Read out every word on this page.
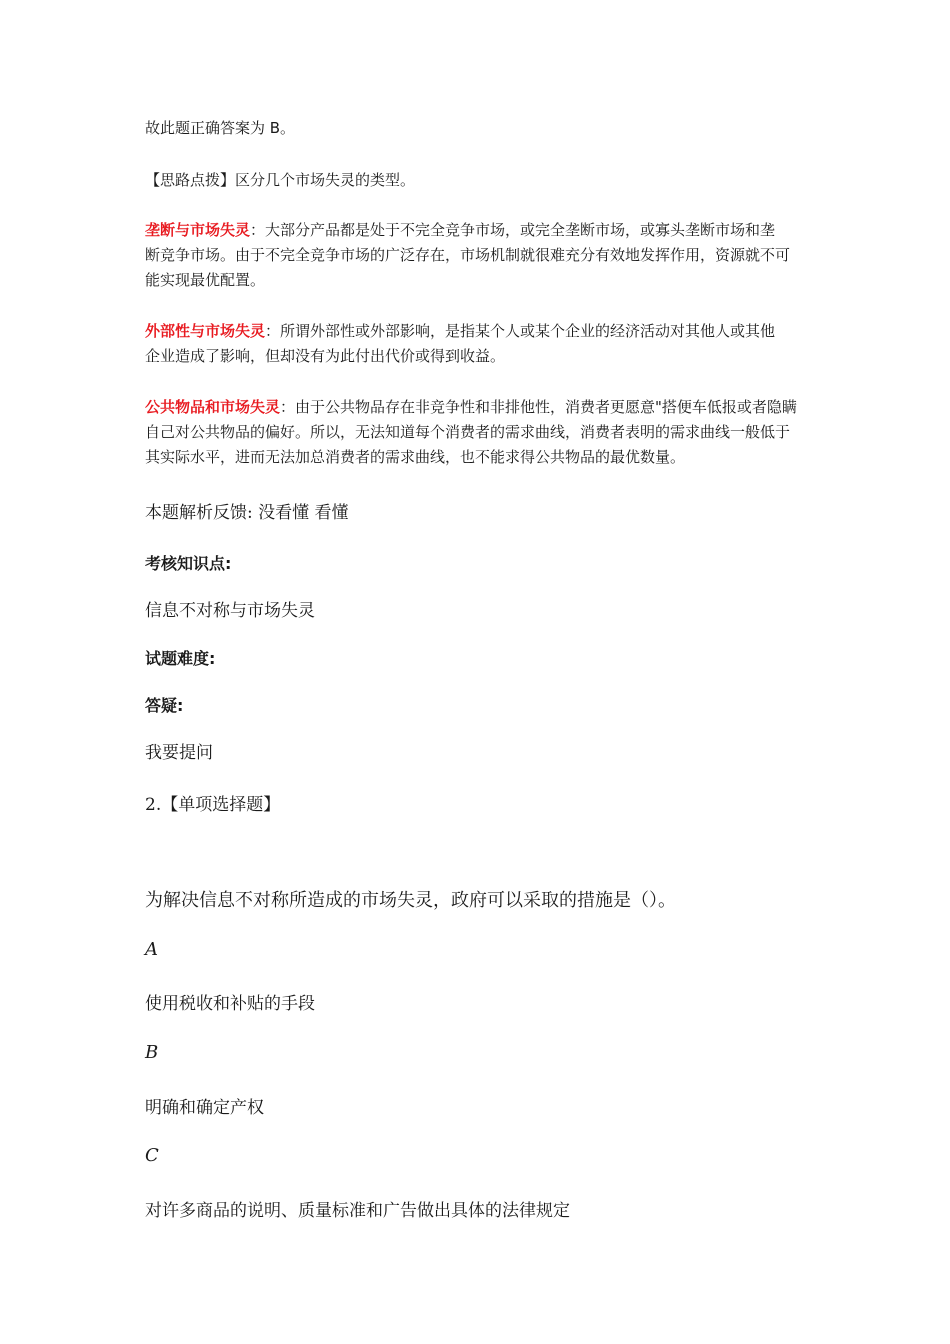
故此题正确答案为 B。
【思路点拨】区分几个市场失灵的类型。

垄断与市场失灵：大部分产品都是处于不完全竞争市场，或完全垄断市场，或寡头垄断市场和垄

断竞争市场。由于不完全竞争市场的广泛存在，市场机制就很难充分有效地发挥作用，资源就不可

能实现最优配置。

外部性与市场失灵：所谓外部性或外部影响，是指某个人或某个企业的经济活动对其他人或其他

企业造成了影响，但却没有为此付出代价或得到收益。

公共物品和市场失灵：由于公共物品存在非竞争性和非排他性，消费者更愿意"搭便车低报或者隐瞒

自己对公共物品的偏好。所以，无法知道每个消费者的需求曲线，消费者表明的需求曲线一般低于

其实际水平，进而无法加总消费者的需求曲线，也不能求得公共物品的最优数量。

本题解析反馈: 没看懂 看懂
考核知识点:
信息不对称与市场失灵
试题难度:
答疑:
我要提问
2.【单项选择题】
为解决信息不对称所造成的市场失灵，政府可以采取的措施是（）。
A
使用税收和补贴的手段
B
明确和确定产权
C
对许多商品的说明、质量标准和广告做出具体的法律规定
